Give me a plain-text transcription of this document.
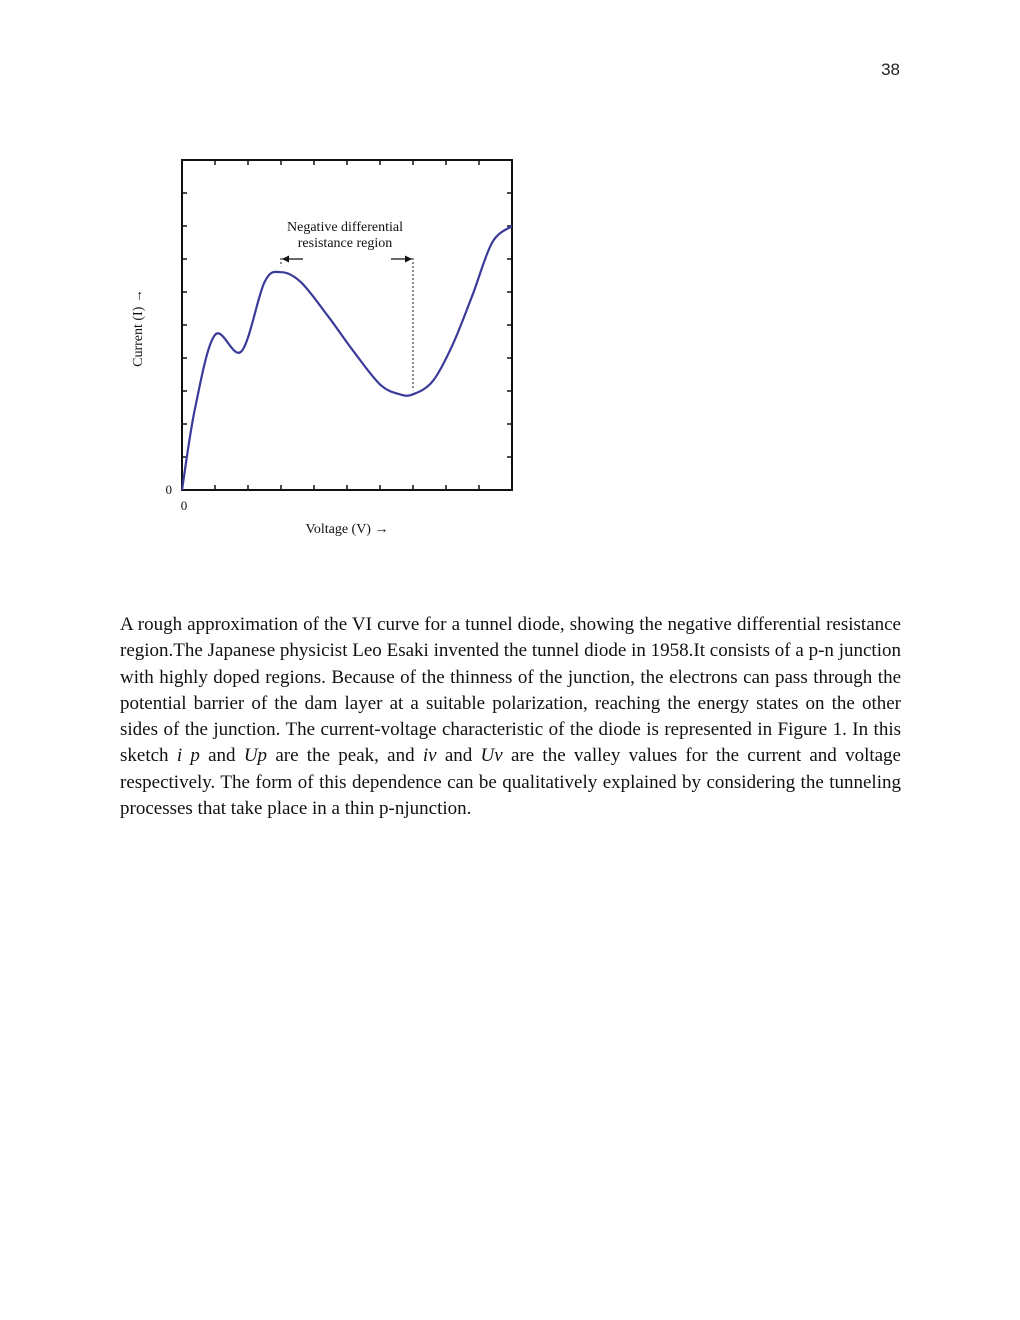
38
Negative differential
resistance region
0
0
Voltage (V) →
Current (I) →

A rough approximation of the VI curve for a tunnel diode, showing the negative differential resistance region.The Japanese physicist Leo Esaki invented the tunnel diode in 1958.It consists of a p-n junction with highly doped regions. Because of the thinness of the junction, the electrons can pass through the potential barrier of the dam layer at a suitable polarization, reaching the energy states on the other sides of the junction. The current-voltage characteristic of the diode is represented in Figure 1. In this sketch i p and Up are the peak, and iv and Uv are the valley values for the current and voltage respectively. The form of this dependence can be qualitatively explained by considering the tunneling processes that take place in a thin p-njunction.
